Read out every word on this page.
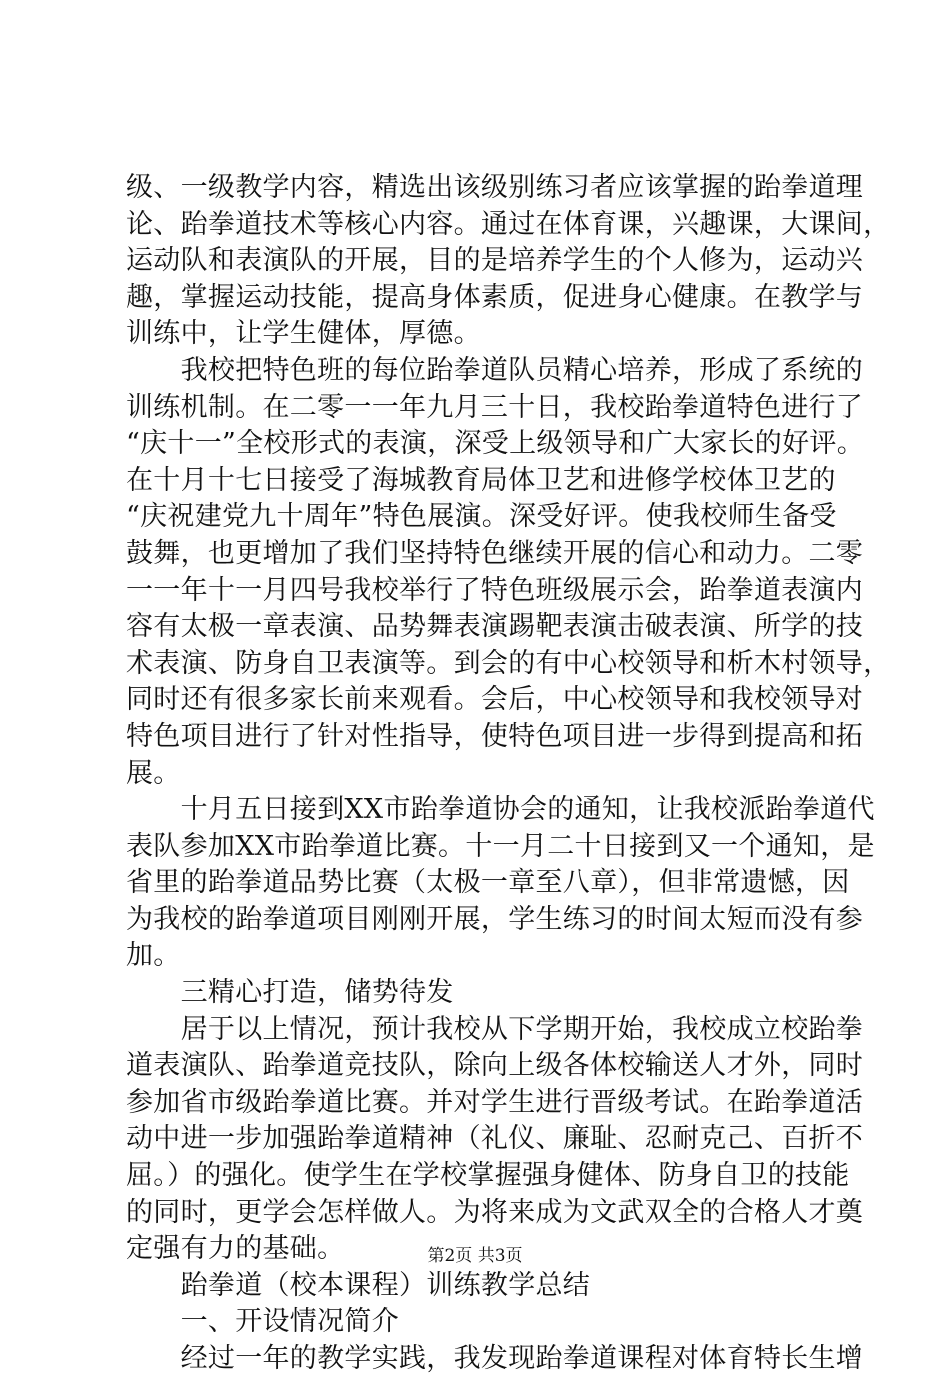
级、一级教学内容，精选出该级别练习者应该掌握的跆拳道理
论、跆拳道技术等核心内容。通过在体育课，兴趣课，大课间，
运动队和表演队的开展，目的是培养学生的个人修为，运动兴
趣，掌握运动技能，提高身体素质，促进身心健康。在教学与
训练中，让学生健体，厚德。
　　我校把特色班的每位跆拳道队员精心培养，形成了系统的
训练机制。在二零一一年九月三十日，我校跆拳道特色进行了
“庆十一”全校形式的表演，深受上级领导和广大家长的好评。
在十月十七日接受了海城教育局体卫艺和进修学校体卫艺的
“庆祝建党九十周年”特色展演。深受好评。使我校师生备受
鼓舞，也更增加了我们坚持特色继续开展的信心和动力。二零
一一年十一月四号我校举行了特色班级展示会，跆拳道表演内
容有太极一章表演、品势舞表演踢靶表演击破表演、所学的技
术表演、防身自卫表演等。到会的有中心校领导和析木村领导，
同时还有很多家长前来观看。会后，中心校领导和我校领导对
特色项目进行了针对性指导，使特色项目进一步得到提高和拓
展。
　　十月五日接到XX市跆拳道协会的通知，让我校派跆拳道代
表队参加XX市跆拳道比赛。十一月二十日接到又一个通知，是
省里的跆拳道品势比赛（太极一章至八章），但非常遗憾，因
为我校的跆拳道项目刚刚开展，学生练习的时间太短而没有参
加。
　　三精心打造，储势待发
　　居于以上情况，预计我校从下学期开始，我校成立校跆拳
道表演队、跆拳道竞技队，除向上级各体校输送人才外，同时
参加省市级跆拳道比赛。并对学生进行晋级考试。在跆拳道活
动中进一步加强跆拳道精神（礼仪、廉耻、忍耐克己、百折不
屈。）的强化。使学生在学校掌握强身健体、防身自卫的技能
的同时，更学会怎样做人。为将来成为文武双全的合格人才奠
定强有力的基础。
　　跆拳道（校本课程）训练教学总结
　　一、开设情况简介
　　经过一年的教学实践，我发现跆拳道课程对体育特长生增
第2页 共3页
